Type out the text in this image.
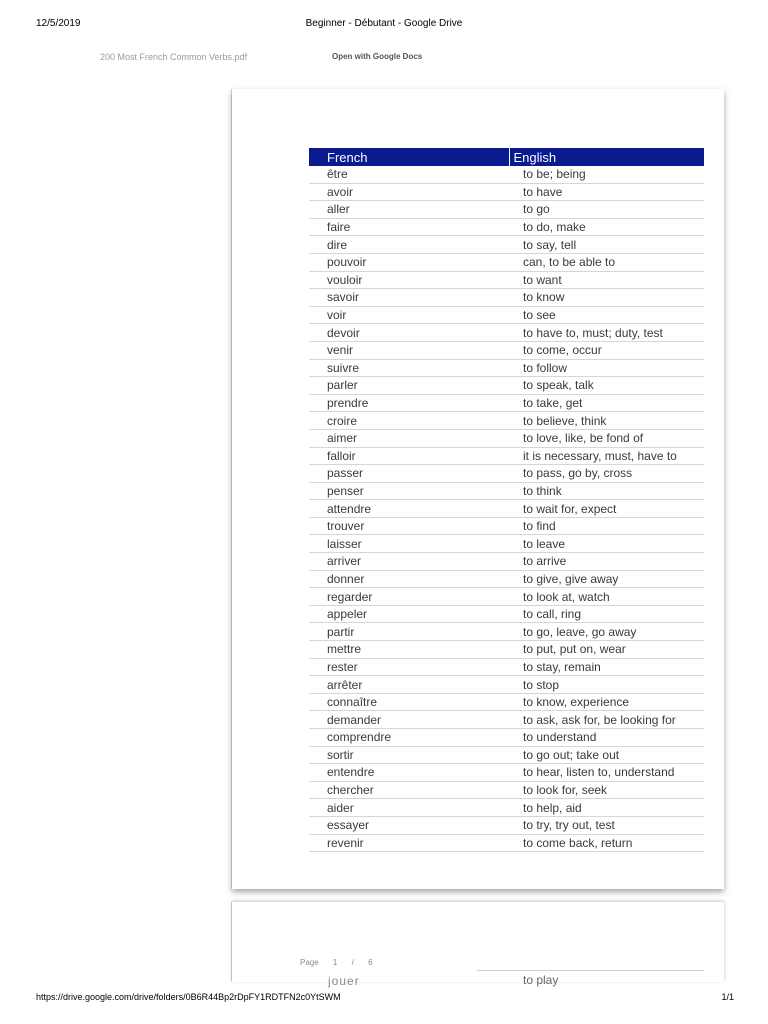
12/5/2019	Beginner - Débutant - Google Drive
200 Most French Common Verbs.pdf	Open with Google Docs
French	English
être	to be; being
avoir	to have
aller	to go
faire	to do, make
dire	to say, tell
pouvoir	can, to be able to
vouloir	to want
savoir	to know
voir	to see
devoir	to have to, must; duty, test
venir	to come, occur
suivre	to follow
parler	to speak, talk
prendre	to take, get
croire	to believe, think
aimer	to love, like, be fond of
falloir	it is necessary, must, have to
passer	to pass, go by, cross
penser	to think
attendre	to wait for, expect
trouver	to find
laisser	to leave
arriver	to arrive
donner	to give, give away
regarder	to look at, watch
appeler	to call, ring
partir	to go, leave, go away
mettre	to put, put on, wear
rester	to stay, remain
arrêter	to stop
connaître	to know, experience
demander	to ask, ask for, be looking for
comprendre	to understand
sortir	to go out; take out
entendre	to hear, listen to, understand
chercher	to look for, seek
aider	to help, aid
essayer	to try, try out, test
revenir	to come back, return
Page 1 / 6
jouer	to play
https://drive.google.com/drive/folders/0B6R44Bp2rDpFY1RDTFN2c0YtSWM	1/1
